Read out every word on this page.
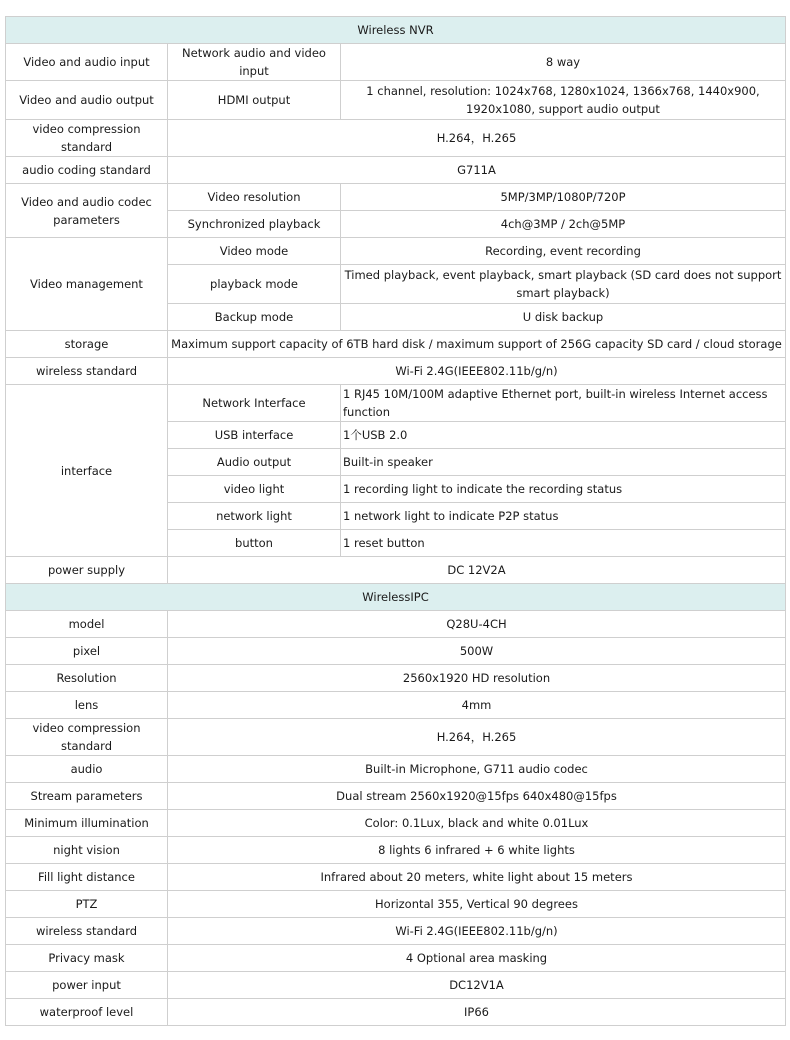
Wireless NVR		
Video and audio input	Network audio and video input	8 way
Video and audio output	HDMI output	1 channel, resolution: 1024x768, 1280x1024, 1366x768, 1440x900, 1920x1080, support audio output
video compression standard	H.264，H.265	
audio coding standard	G711A	
Video and audio codec parameters	Video resolution	5MP/3MP/1080P/720P
	Synchronized playback	4ch@3MP / 2ch@5MP
Video management	Video mode	Recording, event recording
	playback mode	Timed playback, event playback, smart playback (SD card does not support smart playback)
	Backup mode	U disk backup
storage	Maximum support capacity of 6TB hard disk / maximum support of 256G capacity SD card / cloud storage	
wireless standard	Wi-Fi 2.4G(IEEE802.11b/g/n)	
interface	Network Interface	1 RJ45 10M/100M adaptive Ethernet port, built-in wireless Internet access function
	USB interface	1个USB 2.0
	Audio output	Built-in speaker
	video light	1 recording light to indicate the recording status
	network light	1 network light to indicate P2P status
	button	1 reset button
power supply	DC 12V2A	
WirelessIPC		
model	Q28U-4CH	
pixel	500W	
Resolution	2560x1920 HD resolution	
lens	4mm	
video compression standard	H.264，H.265	
audio	Built-in Microphone, G711 audio codec	
Stream parameters	Dual stream 2560x1920@15fps 640x480@15fps	
Minimum illumination	Color: 0.1Lux, black and white 0.01Lux	
night vision	8 lights 6 infrared + 6 white lights	
Fill light distance	Infrared about 20 meters, white light about 15 meters	
PTZ	Horizontal 355, Vertical 90 degrees	
wireless standard	Wi-Fi 2.4G(IEEE802.11b/g/n)	
Privacy mask	4 Optional area masking	
power input	DC12V1A	
waterproof level	IP66	
